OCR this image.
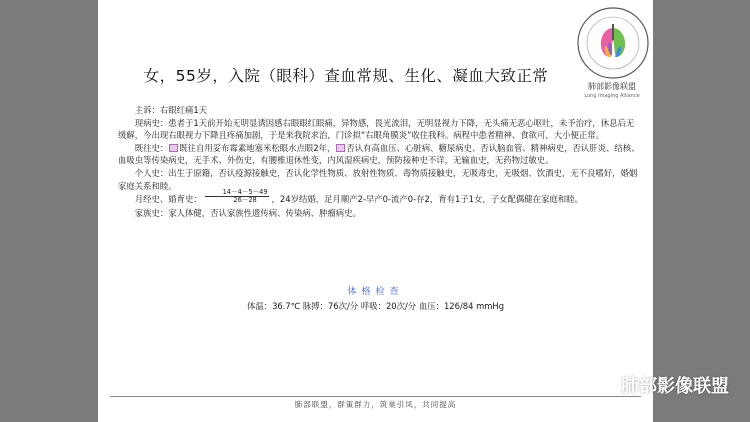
肺部影像联盟
Lung Imaging Alliance
女，55岁，入院（眼科）查血常规、生化、凝血大致正常

主诉：右眼红痛1天

现病史：患者于1天前开始无明显诱因感右眼眼红眼痛，异物感，畏光流泪，无明显视力下降，无头痛无恶心呕吐，未予治疗，休息后无缓解，今出现右眼视力下降且疼痛加剧，于是来我院求治，门诊拟“右眼角膜炎”收住我科。病程中患者精神、食欲可，大小便正常。

既往史： 既往自用妥布霉素地塞米松眼水点眼2年， 否认有高血压、心脏病、糖尿病史、否认脑血管、精神病史，否认肝炎、结核、血吸虫等传染病史，无手术、外伤史，有腰椎退休性变，内风湿疾病史，预防接种史不详，无输血史，无药物过敏史。

个人史：出生于原籍，否认疫源接触史，否认化学性物质、放射性物质、毒物质接触史，无吸毒史，无吸烟、饮酒史，无不良嗜好，婚姻家庭关系和睦。

月经史、婚育史： $\frac{14-4-5-49}{26-28}$ ，24岁结婚，足月顺产2-早产0-流产0-存2，育有1子1女，子女配偶健在家庭和睦。

家族史：家人体健，否认家族性遗传病、传染病、肿瘤病史。

体格检查
体温：36.7℃ 脉搏：76次/分 呼吸：20次/分 血压：126/84 mmHg
肺部联盟，群策群力，筑巢引凤，共同提高
肺部影像联盟
